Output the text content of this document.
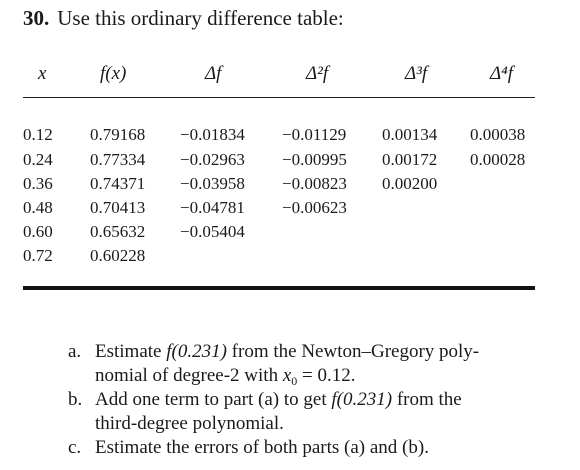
30. Use this ordinary difference table:
x	f(x)	Δf	Δ²f	Δ³f	Δ⁴f
0.12 0.79168 −0.01834 −0.01129 0.00134 0.00038
0.24 0.77334 −0.02963 −0.00995 0.00172 0.00028
0.36 0.74371 −0.03958 −0.00823 0.00200
0.48 0.70413 −0.04781 −0.00623
0.60 0.65632 −0.05404
0.72 0.60228
a. Estimate f(0.231) from the Newton–Gregory poly-
nomial of degree-2 with $x_0 = 0.12$.
b. Add one term to part (a) to get f(0.231) from the
third-degree polynomial.
c. Estimate the errors of both parts (a) and (b).
